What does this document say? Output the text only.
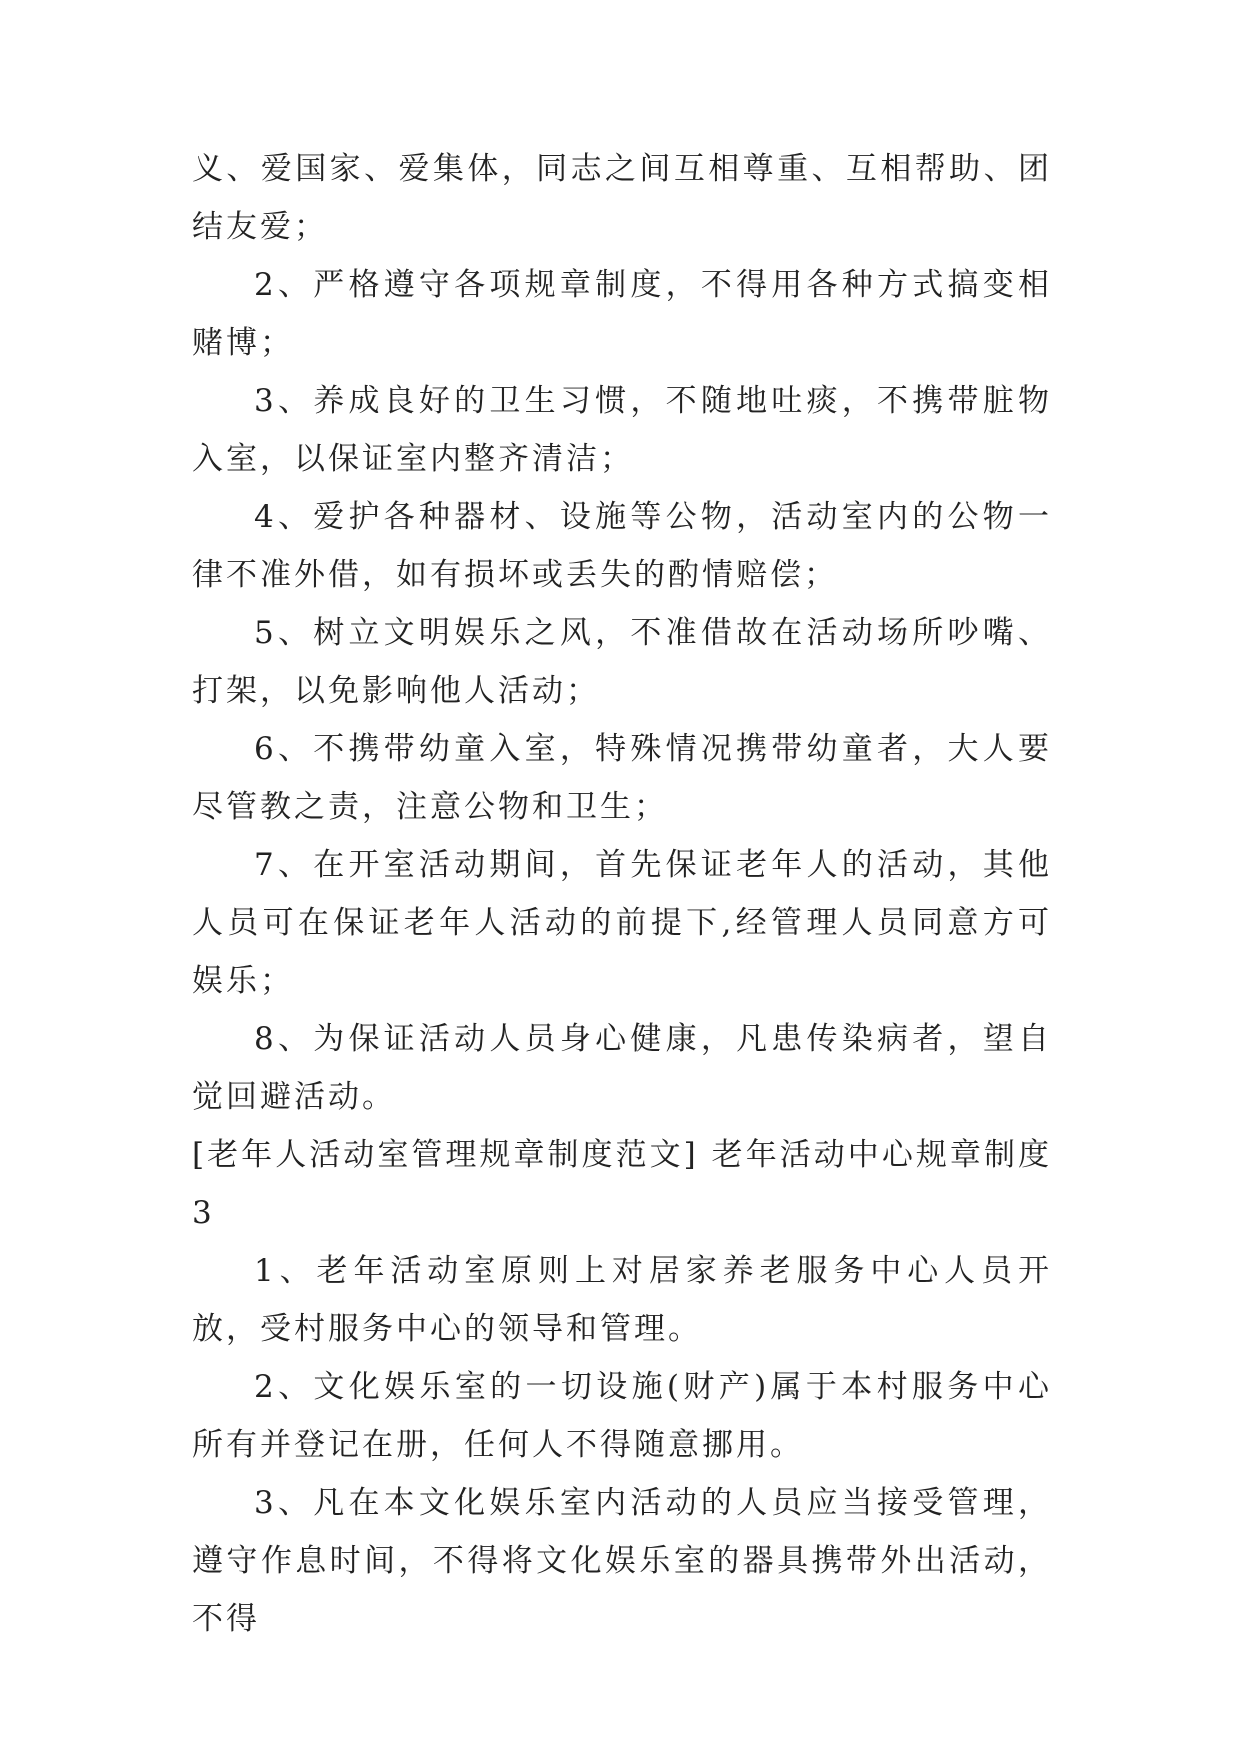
义、爱国家、爱集体，同志之间互相尊重、互相帮助、团结友爱；

2、严格遵守各项规章制度，不得用各种方式搞变相赌博；

3、养成良好的卫生习惯，不随地吐痰，不携带脏物入室，以保证室内整齐清洁；

4、爱护各种器材、设施等公物，活动室内的公物一律不准外借，如有损坏或丢失的酌情赔偿；

5、树立文明娱乐之风，不准借故在活动场所吵嘴、打架，以免影响他人活动；

6、不携带幼童入室，特殊情况携带幼童者，大人要尽管教之责，注意公物和卫生；

7、在开室活动期间，首先保证老年人的活动，其他人员可在保证老年人活动的前提下,经管理人员同意方可娱乐；

8、为保证活动人员身心健康，凡患传染病者，望自觉回避活动。

[老年人活动室管理规章制度范文] 老年活动中心规章制度3

1、老年活动室原则上对居家养老服务中心人员开放，受村服务中心的领导和管理。

2、文化娱乐室的一切设施(财产)属于本村服务中心所有并登记在册，任何人不得随意挪用。

3、凡在本文化娱乐室内活动的人员应当接受管理，遵守作息时间，不得将文化娱乐室的器具携带外出活动，不得
